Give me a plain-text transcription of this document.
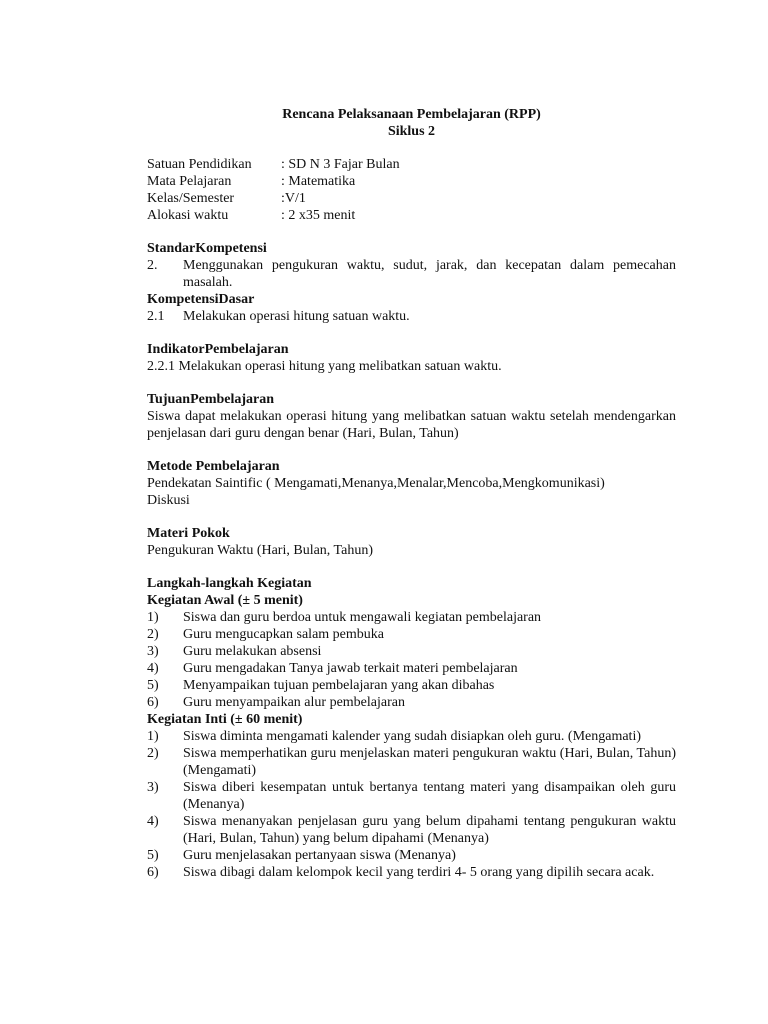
Rencana Pelaksanaan Pembelajaran (RPP)
Siklus 2
Satuan Pendidikan	: SD N 3 Fajar Bulan
Mata Pelajaran	: Matematika
Kelas/Semester	:V/1
Alokasi waktu	: 2 x35 menit
StandarKompetensi
2.	Menggunakan pengukuran waktu, sudut, jarak, dan kecepatan dalam pemecahan masalah.
KompetensiDasar
2.1	Melakukan operasi hitung satuan waktu.
IndikatorPembelajaran
2.2.1 Melakukan operasi hitung yang melibatkan satuan waktu.
TujuanPembelajaran
Siswa dapat melakukan operasi hitung yang melibatkan satuan waktu setelah mendengarkan penjelasan dari guru dengan benar (Hari, Bulan, Tahun)
Metode Pembelajaran
Pendekatan Saintific ( Mengamati,Menanya,Menalar,Mencoba,Mengkomunikasi)
Diskusi
Materi Pokok
Pengukuran Waktu (Hari, Bulan, Tahun)
Langkah-langkah Kegiatan
Kegiatan Awal (± 5 menit)
1)	Siswa dan guru berdoa untuk mengawali kegiatan pembelajaran
2)	Guru mengucapkan salam pembuka
3)	Guru melakukan absensi
4)	Guru mengadakan Tanya jawab terkait materi pembelajaran
5)	Menyampaikan tujuan pembelajaran yang akan dibahas
6)	Guru menyampaikan alur pembelajaran
Kegiatan Inti (± 60 menit)
1)	Siswa diminta mengamati kalender yang sudah disiapkan oleh guru. (Mengamati)
2)	Siswa memperhatikan guru menjelaskan materi pengukuran waktu (Hari, Bulan, Tahun) (Mengamati)
3)	Siswa diberi kesempatan untuk bertanya tentang materi yang disampaikan oleh guru (Menanya)
4)	Siswa menanyakan penjelasan guru yang belum dipahami tentang pengukuran waktu (Hari, Bulan, Tahun) yang belum dipahami (Menanya)
5)	Guru menjelasakan pertanyaan siswa (Menanya)
6)	Siswa dibagi dalam kelompok kecil yang terdiri 4- 5 orang yang dipilih secara acak.
